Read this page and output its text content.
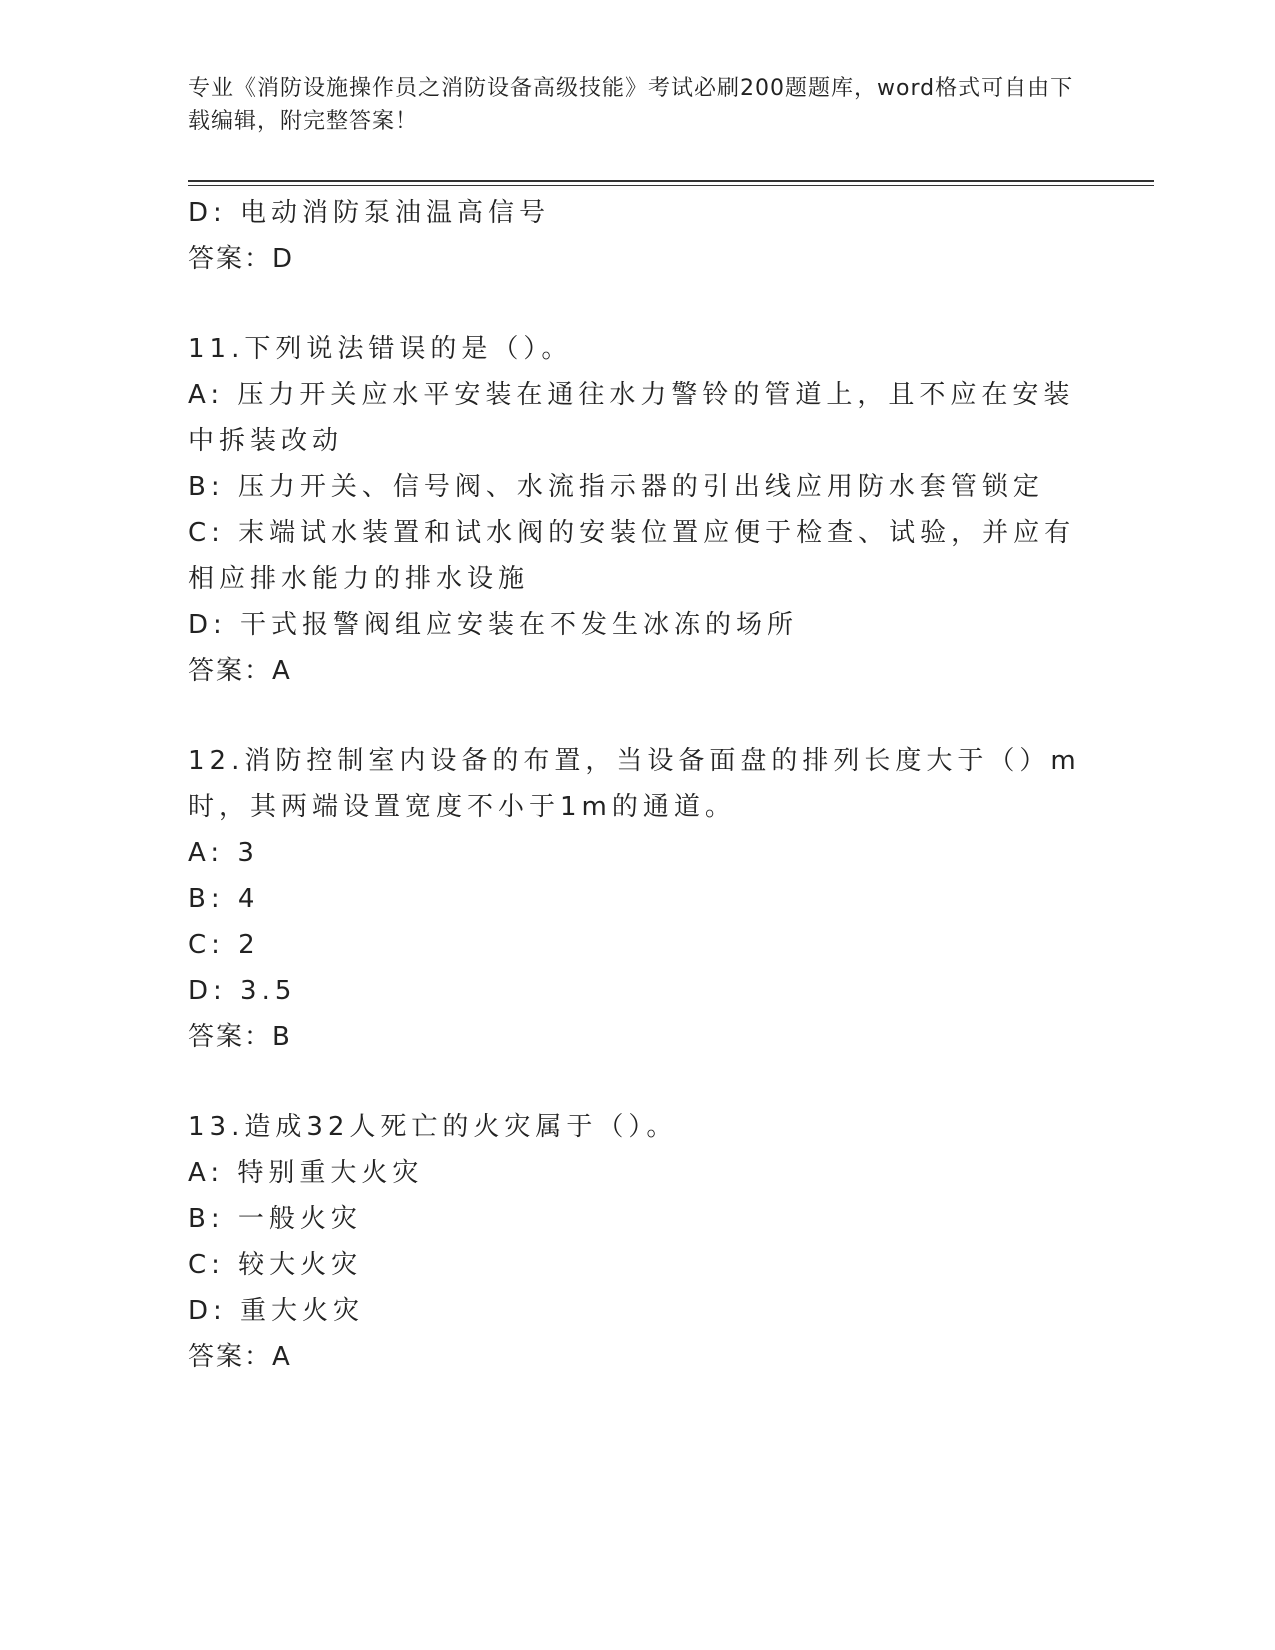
专业《消防设施操作员之消防设备高级技能》考试必刷200题题库，word格式可自由下载编辑，附完整答案！
D: 电动消防泵油温高信号
答案：D
11.下列说法错误的是（）。
A: 压力开关应水平安装在通往水力警铃的管道上，且不应在安装中拆装改动
B: 压力开关、信号阀、水流指示器的引出线应用防水套管锁定
C: 末端试水装置和试水阀的安装位置应便于检查、试验，并应有相应排水能力的排水设施
D: 干式报警阀组应安装在不发生冰冻的场所
答案：A
12.消防控制室内设备的布置，当设备面盘的排列长度大于（）m时，其两端设置宽度不小于1m的通道。
A: 3
B: 4
C: 2
D: 3.5
答案：B
13.造成32人死亡的火灾属于（）。
A: 特别重大火灾
B: 一般火灾
C: 较大火灾
D: 重大火灾
答案：A
